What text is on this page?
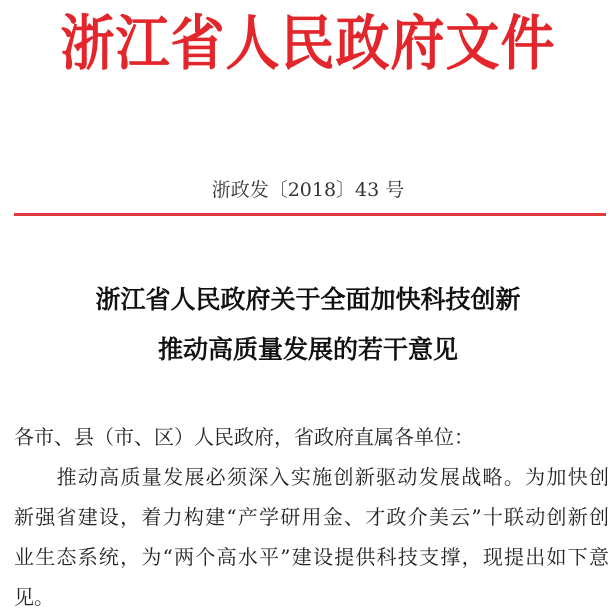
浙江省人民政府文件
浙政发〔2018〕43 号
浙江省人民政府关于全面加快科技创新
推动高质量发展的若干意见
各市、县（市、区）人民政府，省政府直属各单位：
　　推动高质量发展必须深入实施创新驱动发展战略。为加快创
新强省建设，着力构建“产学研用金、才政介美云”十联动创新创
业生态系统，为“两个高水平”建设提供科技支撑，现提出如下意
见。
